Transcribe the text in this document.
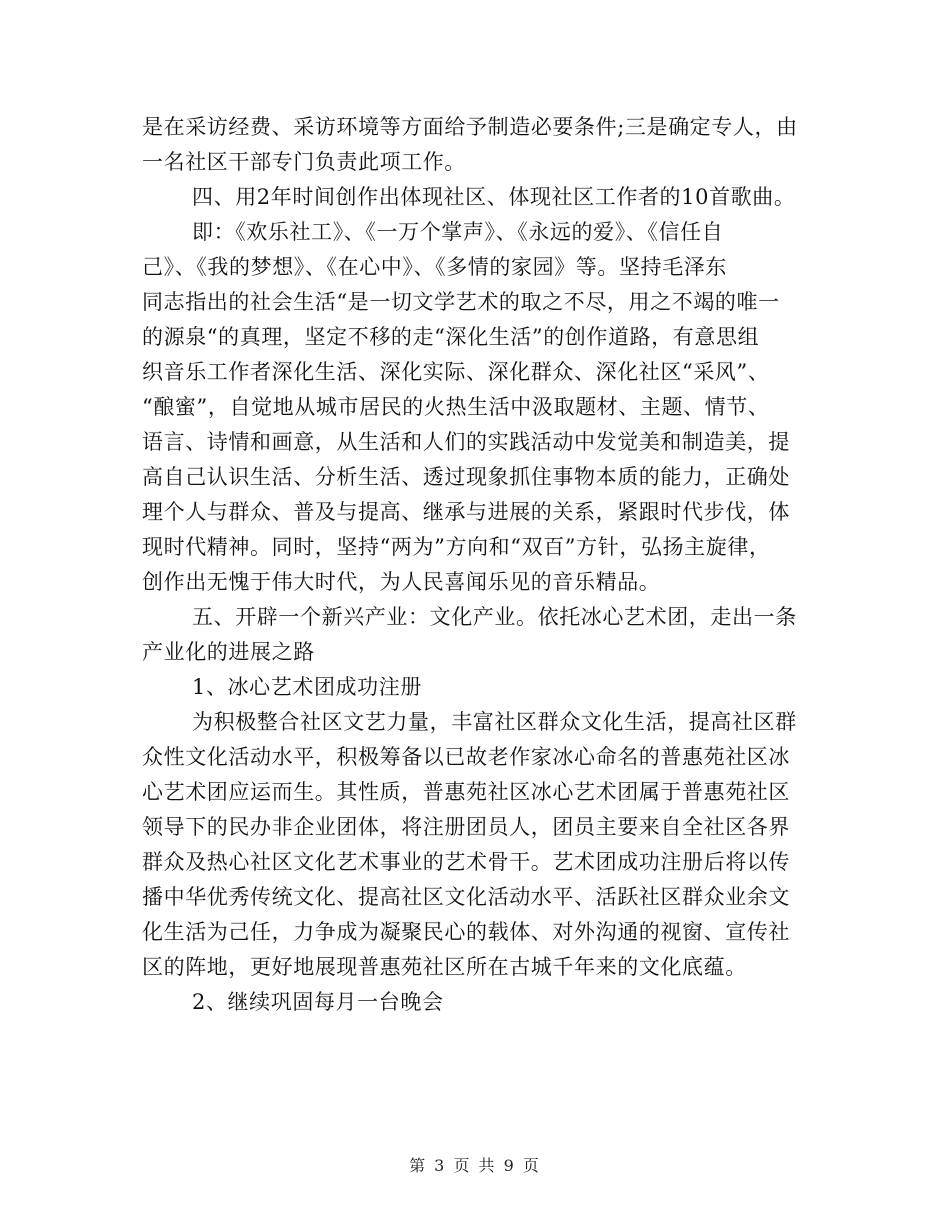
是在采访经费、采访环境等方面给予制造必要条件;三是确定专人，由
一名社区干部专门负责此项工作。
四、用2年时间创作出体现社区、体现社区工作者的10首歌曲。
即：《欢乐社工》、《一万个掌声》、《永远的爱》、《信任自
己》、《我的梦想》、《在心中》、《多情的家园》等。坚持毛泽东
同志指出的社会生活“是一切文学艺术的取之不尽，用之不竭的唯一
的源泉“的真理，坚定不移的走“深化生活”的创作道路，有意思组
织音乐工作者深化生活、深化实际、深化群众、深化社区“采风”、
“酿蜜”，自觉地从城市居民的火热生活中汲取题材、主题、情节、
语言、诗情和画意，从生活和人们的实践活动中发觉美和制造美，提
高自己认识生活、分析生活、透过现象抓住事物本质的能力，正确处
理个人与群众、普及与提高、继承与进展的关系，紧跟时代步伐，体
现时代精神。同时，坚持“两为”方向和“双百”方针，弘扬主旋律，
创作出无愧于伟大时代，为人民喜闻乐见的音乐精品。
五、开辟一个新兴产业：文化产业。依托冰心艺术团，走出一条
产业化的进展之路
1、冰心艺术团成功注册
为积极整合社区文艺力量，丰富社区群众文化生活，提高社区群
众性文化活动水平，积极筹备以已故老作家冰心命名的普惠苑社区冰
心艺术团应运而生。其性质，普惠苑社区冰心艺术团属于普惠苑社区
领导下的民办非企业团体，将注册团员人，团员主要来自全社区各界
群众及热心社区文化艺术事业的艺术骨干。艺术团成功注册后将以传
播中华优秀传统文化、提高社区文化活动水平、活跃社区群众业余文
化生活为己任，力争成为凝聚民心的载体、对外沟通的视窗、宣传社
区的阵地，更好地展现普惠苑社区所在古城千年来的文化底蕴。
2、继续巩固每月一台晚会
第 3 页 共 9 页
